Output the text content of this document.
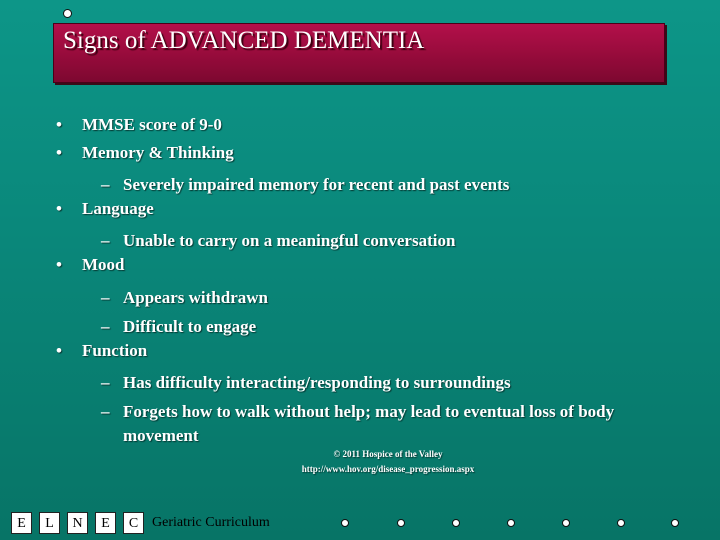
Signs of ADVANCED DEMENTIA
• MMSE score of 9-0
• Memory & Thinking
– Severely impaired memory for recent and past events
• Language
– Unable to carry on a meaningful conversation
• Mood
– Appears withdrawn
– Difficult to engage
• Function
– Has difficulty interacting/responding to surroundings
– Forgets how to walk without help; may lead to eventual loss of body movement
© 2011 Hospice of the Valley
http://www.hov.org/disease_progression.aspx
E	L	N	E	C Geriatric Curriculum
